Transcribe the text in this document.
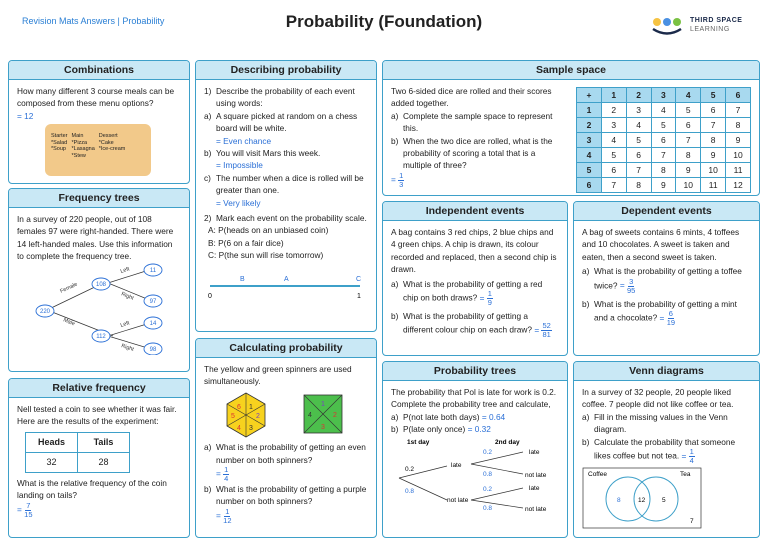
Revision Mats Answers | Probability	Probability (Foundation)	THIRD SPACE
LEARNING
Combinations
How many different 3 course meals can be composed from these menu options?
= 12
Starter
*Salad
*Soup
Main
*Pizza
*Lasagna
*Stew
Dessert
*Cake
*Ice-cream
Frequency trees
In a survey of 220 people, out of 108 females 97 were right-handed. There were 14 left-handed males. Use this information to complete the frequency tree.
220
108
112
11
97
14
98
Female
Male
Left
Right
Left
Right
Relative frequency
Nell tested a coin to see whether it was fair. Here are the results of the experiment:
Heads	Tails
32	28
What is the relative frequency of the coin landing on tails?
= $\frac{7}{15}$
Describing probability
1) Describe the probability of each event using words:
a) A square picked at random on a chess board will be white.
= Even chance
b) You will visit Mars this week.
= Impossible
c) The number when a dice is rolled will be greater than one.
= Very likely
2) Mark each event on the probability scale.
A: P(heads on an unbiased coin)
B: P(6 on a fair dice)
C: P(the sun will rise tomorrow)
B	A	C
0	1
Calculating probability
The yellow and green spinners are used simultaneously.
6 1
2
3
4
5
1
2
3
4
a) What is the probability of getting an even number on both spinners?
= $\frac{1}{4}$
b) What is the probability of getting a purple number on both spinners?
= $\frac{1}{12}$
Sample space
Two 6-sided dice are rolled and their scores added together.
a) Complete the sample space to represent this.
b) When the two dice are rolled, what is the probability of scoring a total that is a multiple of three?
= $\frac{1}{3}$
+	1	2	3	4	5	6
1	2	3	4	5	6	7
2	3	4	5	6	7	8
3	4	5	6	7	8	9
4	5	6	7	8	9	10
5	6	7	8	9	10	11
6	7	8	9	10	11	12
Independent events
A bag contains 3 red chips, 2 blue chips and 4 green chips. A chip is drawn, its colour recorded and replaced, then a second chip is drawn.
a) What is the probability of getting a red chip on both draws? = $\frac{1}{9}$
b) What is the probability of getting a different colour chip on each draw? = $\frac{52}{81}$
Dependent events
A bag of sweets contains 6 mints, 4 toffees and 10 chocolates. A sweet is taken and eaten, then a second sweet is taken.
a) What is the probability of getting a toffee twice? = $\frac{3}{95}$
b) What is the probability of getting a mint and a chocolate? = $\frac{6}{19}$
Probability trees
The probability that Pol is late for work is 0.2. Complete the probability tree and calculate,
a) P(not late both days) = 0.64
b) P(late only once) = 0.32
1st day	2nd day
0.2
0.8
late
not late
0.2
0.8
0.2
0.8
late
not late
late
not late
Venn diagrams
In a survey of 32 people, 20 people liked coffee. 7 people did not like coffee or tea.
a) Fill in the missing values in the Venn diagram.
b) Calculate the probability that someone likes coffee but not tea. = $\frac{1}{4}$
Coffee	Tea
8	12	5
7
